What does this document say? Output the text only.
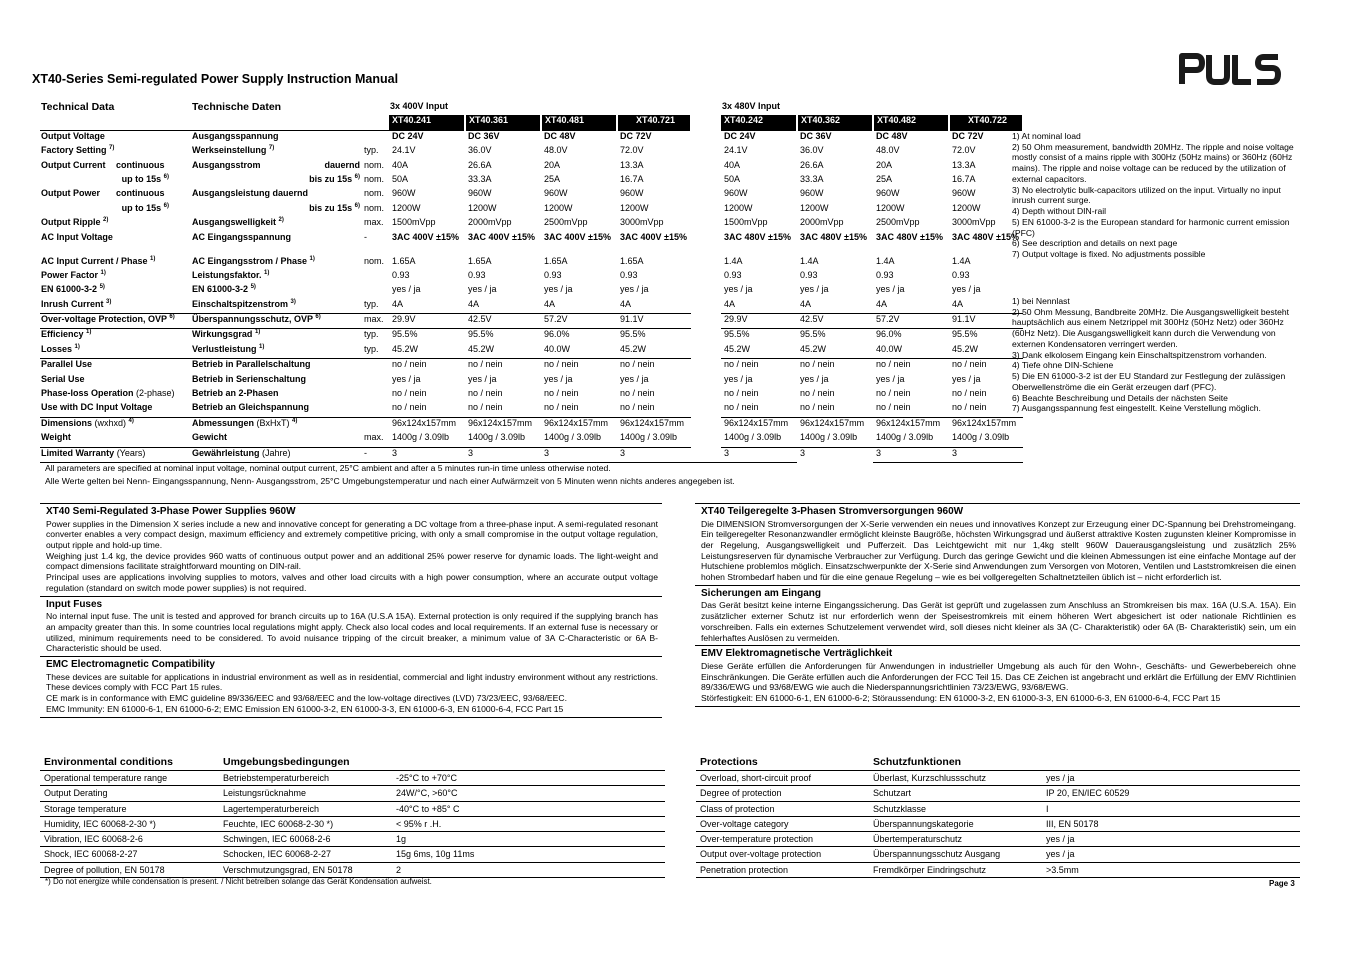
XT40-Series Semi-regulated Power Supply Instruction Manual
Technical Data		Technische Daten			3x 400V Input					3x 480V Input			
					XT40.241	XT40.361	XT40.481	XT40.721		XT40.242	XT40.362	XT40.482	XT40.722
Output Voltage		Ausgangsspannung			DC 24V	DC 36V	DC 48V	DC 72V		DC 24V	DC 36V	DC 48V	DC 72V
Factory Setting $^{7)}$		Werkseinstellung $^{7)}$		typ.	24.1V	36.0V	48.0V	72.0V		24.1V	36.0V	48.0V	72.0V
Output Current	continuous	Ausgangsstrom	dauernd	nom.	40A	26.6A	20A	13.3A		40A	26.6A	20A	13.3A
	up to 15s $^{6)}$		bis zu 15s $^{6)}$	nom.	50A	33.3A	25A	16.7A		50A	33.3A	25A	16.7A
Output Power	continuous	Ausgangsleistung dauernd		nom.	960W	960W	960W	960W		960W	960W	960W	960W
	up to 15s $^{6)}$		bis zu 15s $^{6)}$	nom.	1200W	1200W	1200W	1200W		1200W	1200W	1200W	1200W
Output Ripple $^{2)}$		Ausgangswelligkeit $^{2)}$		max.	1500mVpp	2000mVpp	2500mVpp	3000mVpp		1500mVpp	2000mVpp	2500mVpp	3000mVpp
AC Input Voltage		AC Eingangsspannung		-	3AC 400V ±15%	3AC 400V ±15%	3AC 400V ±15%	3AC 400V ±15%		3AC 480V ±15%	3AC 480V ±15%	3AC 480V ±15%	3AC 480V ±15%
AC Input Current / Phase $^{1)}$		AC Eingangsstrom / Phase $^{1)}$		nom.	1.65A	1.65A	1.65A	1.65A		1.4A	1.4A	1.4A	1.4A
Power Factor $^{1)}$		Leistungsfaktor. $^{1)}$			0.93	0.93	0.93	0.93		0.93	0.93	0.93	0.93
EN 61000-3-2 $^{5)}$		EN 61000-3-2 $^{5)}$			yes / ja	yes / ja	yes / ja	yes / ja		yes / ja	yes / ja	yes / ja	yes / ja
Inrush Current $^{3)}$		Einschaltspitzenstrom $^{3)}$		typ.	4A	4A	4A	4A		4A	4A	4A	4A
Over-voltage Protection, OVP $^{6)}$		Überspannungsschutz, OVP $^{6)}$		max.	29.9V	42.5V	57.2V	91.1V		29.9V	42.5V	57.2V	91.1V
Efficiency $^{1)}$		Wirkungsgrad $^{1)}$		typ.	95.5%	95.5%	96.0%	95.5%		95.5%	95.5%	96.0%	95.5%
Losses $^{1)}$		Verlustleistung $^{1)}$		typ.	45.2W	45.2W	40.0W	45.2W		45.2W	45.2W	40.0W	45.2W
Parallel Use		Betrieb in Parallelschaltung			no / nein	no / nein	no / nein	no / nein		no / nein	no / nein	no / nein	no / nein
Serial Use		Betrieb in Serienschaltung			yes / ja	yes / ja	yes / ja	yes / ja		yes / ja	yes / ja	yes / ja	yes / ja
Phase-loss Operation (2-phase)		Betrieb an 2-Phasen			no / nein	no / nein	no / nein	no / nein		no / nein	no / nein	no / nein	no / nein
Use with DC Input Voltage		Betrieb an Gleichspannung			no / nein	no / nein	no / nein	no / nein		no / nein	no / nein	no / nein	no / nein
Dimensions (wxhxd) $^{4)}$		Abmessungen (BxHxT) $^{4)}$			96x124x157mm	96x124x157mm	96x124x157mm	96x124x157mm		96x124x157mm	96x124x157mm	96x124x157mm	96x124x157mm
Weight		Gewicht		max.	1400g / 3.09lb	1400g / 3.09lb	1400g / 3.09lb	1400g / 3.09lb		1400g / 3.09lb	1400g / 3.09lb	1400g / 3.09lb	1400g / 3.09lb
Limited Warranty (Years)		Gewährleistung (Jahre)		-	3	3	3	3		3	3	3	3
All parameters are specified at nominal input voltage, nominal output current, 25°C ambient and after a 5 minutes run-in time unless otherwise noted.
Alle Werte gelten bei Nenn- Eingangsspannung, Nenn- Ausgangsstrom, 25°C Umgebungstemperatur und nach einer Aufwärmzeit von 5 Minuten wenn nichts anderes angegeben ist.
1) At nominal load
2) 50 Ohm measurement, bandwidth 20MHz. The ripple and noise voltage mostly consist of a mains ripple with 300Hz (50Hz mains) or 360Hz (60Hz mains). The ripple and noise voltage can be reduced by the utilization of external capacitors.
3) No electrolytic bulk-capacitors utilized on the input. Virtually no input inrush current surge.
4) Depth without DIN-rail
5) EN 61000-3-2 is the European standard for harmonic current emission (PFC)
6) See description and details on next page
7) Output voltage is fixed. No adjustments possible
1) bei Nennlast
2) 50 Ohm Messung, Bandbreite 20MHz. Die Ausgangswelligkeit besteht hauptsächlich aus einem Netzrippel mit 300Hz (50Hz Netz) oder 360Hz (60Hz Netz). Die Ausgangswelligkeit kann durch die Verwendung von externen Kondensatoren verringert werden.
3) Dank elkolosem Eingang kein Einschaltspitzenstrom vorhanden.
4) Tiefe ohne DIN-Schiene
5) Die EN 61000-3-2 ist der EU Standard zur Festlegung der zulässigen Oberwellenströme die ein Gerät erzeugen darf (PFC).
6) Beachte Beschreibung und Details der nächsten Seite
7) Ausgangsspannung fest eingestellt. Keine Verstellung möglich.
XT40 Semi-Regulated 3-Phase Power Supplies 960W

Power supplies in the Dimension X series include a new and innovative concept for generating a DC voltage from a three-phase input. A semi-regulated resonant converter enables a very compact design, maximum efficiency and extremely competitive pricing, with only a small compromise in the output voltage regulation, output ripple and hold-up time.

Weighing just 1.4 kg, the device provides 960 watts of continuous output power and an additional 25% power reserve for dynamic loads. The light-weight and compact dimensions facilitate straightforward mounting on DIN-rail.

Principal uses are applications involving supplies to motors, valves and other load circuits with a high power consumption, where an accurate output voltage regulation (standard on switch mode power supplies) is not required.

Input Fuses

No internal input fuse. The unit is tested and approved for branch circuits up to 16A (U.S.A 15A). External protection is only required if the supplying branch has an ampacity greater than this. In some countries local regulations might apply. Check also local codes and local requirements. If an external fuse is necessary or utilized, minimum requirements need to be considered. To avoid nuisance tripping of the circuit breaker, a minimum value of 3A C-Characteristic or 6A B-Characteristic should be used.

EMC Electromagnetic Compatibility

These devices are suitable for applications in industrial environment as well as in residential, commercial and light industry environment without any restrictions. These devices comply with FCC Part 15 rules.

CE mark is in conformance with EMC guideline 89/336/EEC and 93/68/EEC and the low-voltage directives (LVD) 73/23/EEC, 93/68/EEC.

EMC Immunity: EN 61000-6-1, EN 61000-6-2; EMC Emission EN 61000-3-2, EN 61000-3-3, EN 61000-6-3, EN 61000-6-4, FCC Part 15

XT40 Teilgeregelte 3-Phasen Stromversorgungen 960W

Die DIMENSION Stromversorgungen der X-Serie verwenden ein neues und innovatives Konzept zur Erzeugung einer DC-Spannung bei Drehstromeingang. Ein teilgeregelter Resonanzwandler ermöglicht kleinste Baugröße, höchsten Wirkungsgrad und äußerst attraktive Kosten zugunsten kleiner Kompromisse in der Regelung, Ausgangswelligkeit und Pufferzeit. Das Leichtgewicht mit nur 1,4kg stellt 960W Dauerausgangsleistung und zusätzlich 25% Leistungsreserven für dynamische Verbraucher zur Verfügung. Durch das geringe Gewicht und die kleinen Abmessungen ist eine einfache Montage auf der Hutschiene problemlos möglich. Einsatzschwerpunkte der X-Serie sind Anwendungen zum Versorgen von Motoren, Ventilen und Laststromkreisen die einen hohen Strombedarf haben und für die eine genaue Regelung – wie es bei vollgeregelten Schaltnetzteilen üblich ist – nicht erforderlich ist.

Sicherungen am Eingang

Das Gerät besitzt keine interne Eingangssicherung. Das Gerät ist geprüft und zugelassen zum Anschluss an Stromkreisen bis max. 16A (U.S.A. 15A). Ein zusätzlicher externer Schutz ist nur erforderlich wenn der Speisestromkreis mit einem höheren Wert abgesichert ist oder nationale Richtlinien es vorschreiben. Falls ein externes Schutzelement verwendet wird, soll dieses nicht kleiner als 3A (C- Charakteristik) oder 6A (B- Charakteristik) sein, um ein fehlerhaftes Auslösen zu vermeiden.

EMV Elektromagnetische Verträglichkeit

Diese Geräte erfüllen die Anforderungen für Anwendungen in industrieller Umgebung als auch für den Wohn-, Geschäfts- und Gewerbebereich ohne Einschränkungen. Die Geräte erfüllen auch die Anforderungen der FCC Teil 15. Das CE Zeichen ist angebracht und erklärt die Erfüllung der EMV Richtlinien 89/336/EWG und 93/68/EWG wie auch die Niederspannungsrichtlinien 73/23/EWG, 93/68/EWG.

Störfestigkeit: EN 61000-6-1, EN 61000-6-2; Störaussendung: EN 61000-3-2, EN 61000-3-3, EN 61000-6-3, EN 61000-6-4, FCC Part 15

Environmental conditions	Umgebungsbedingungen	
Operational temperature range	Betriebstemperaturbereich	-25°C to +70°C
Output Derating	Leistungsrücknahme	24W/°C, >60°C
Storage temperature	Lagertemperaturbereich	-40°C to +85° C
Humidity, IEC 60068-2-30 *)	Feuchte, IEC 60068-2-30 *)	< 95% r .H.
Vibration, IEC 60068-2-6	Schwingen, IEC 60068-2-6	1g
Shock, IEC 60068-2-27	Schocken, IEC 60068-2-27	15g 6ms, 10g 11ms
Degree of pollution, EN 50178	Verschmutzungsgrad, EN 50178	2
*) Do not energize while condensation is present. / Nicht betreiben solange das Gerät Kondensation aufweist.
Protections	Schutzfunktionen	
Overload, short-circuit proof	Überlast, Kurzschlussschutz	yes / ja
Degree of protection	Schutzart	IP 20, EN/IEC 60529
Class of protection	Schutzklasse	I
Over-voltage category	Überspannungskategorie	III, EN 50178
Over-temperature protection	Übertemperaturschutz	yes / ja
Output over-voltage protection	Überspannungsschutz Ausgang	yes / ja
Penetration protection	Fremdkörper Eindringschutz	>3.5mm
Page 3
